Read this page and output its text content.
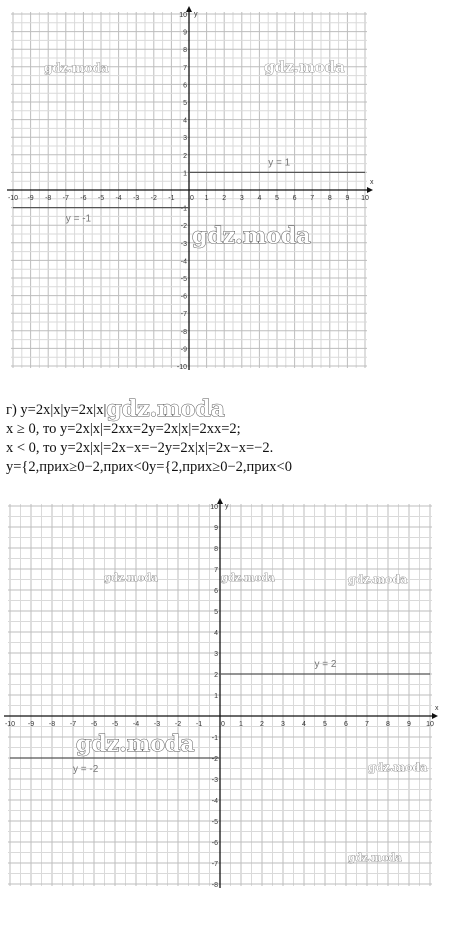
x
y
-10 -9 -8 -7 -6 -5 -4 -3 -2 -1 0 1 2 3 4 5 6 7 8 9 10
10
9
8
7
6
5
4
3
2
1
-1
-2
-3
-4
-5
-6
-7
-8
-9
-10
y = 1
y = -1
gdz.moda	gdz.moda
gdz.moda
г) y=2x|x|y=2x|x|gdz.moda
x ≥ 0, то y=2x|x|=2xx=2y=2x|x|=2xx=2;
x < 0, то y=2x|x|=2x−x=−2y=2x|x|=2x−x=−2.
y={2,прих≥0−2,прих<0y={2,прих≥0−2,прих<0
x
y
-10 -9 -8 -7 -6 -5 -4 -3 -2 -1	0 1 2 3 4 5 6 7 8 9 10
10
9
8
7
6
5
4
3
2
1
-1
-2
-3
-4
-5
-6
-7
-8
y = 2
y = -2
gdz.moda	gdz.moda	gdz.moda
gdz.moda
gdz.moda
gdz.moda
